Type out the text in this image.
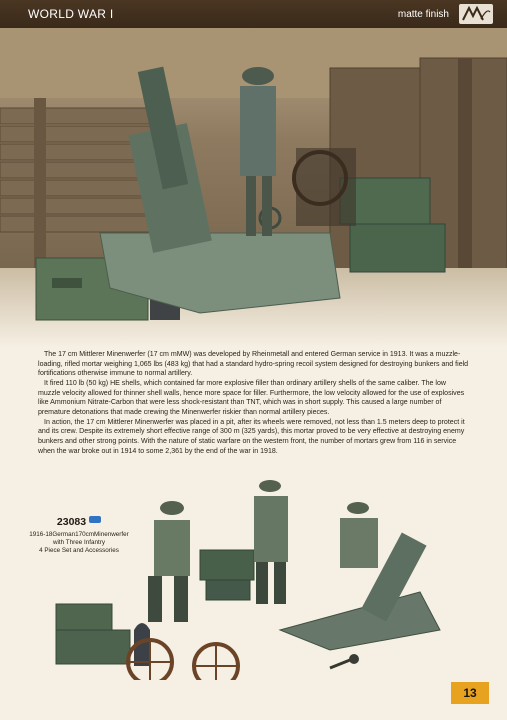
WORLD WAR I	matte finish

The 17 cm Mittlerer Minenwerfer (17 cm mMW) was developed by Rheinmetall and entered German service in 1913. It was a muzzle-loading, rifled mortar weighing 1,065 lbs (483 kg) that had a standard hydro-spring recoil system designed for destroying bunkers and field fortifications otherwise immune to normal artillery.

It fired 110 lb (50 kg) HE shells, which contained far more explosive filler than ordinary artillery shells of the same caliber. The low muzzle velocity allowed for thinner shell walls, hence more space for filler. Furthermore, the low velocity allowed for the use of explosives like Ammonium Nitrate-Carbon that were less shock-resistant than TNT, which was in short supply. This caused a large number of premature detonations that made crewing the Minenwerfer riskier than normal artillery pieces.

In action, the 17 cm Mittlerer Minenwerfer was placed in a pit, after its wheels were removed, not less than 1.5 meters deep to protect it and its crew. Despite its extremely short effective range of 300 m (325 yards), this mortar proved to be very effective at destroying enemy bunkers and other strong points. With the nature of static warfare on the western front, the number of mortars grew from 116 in service when the war broke out in 1914 to some 2,361 by the end of the war in 1918.

23083
1916-18German170cmMinenwerfer
with Three Infantry
4 Piece Set and Accessories
13
